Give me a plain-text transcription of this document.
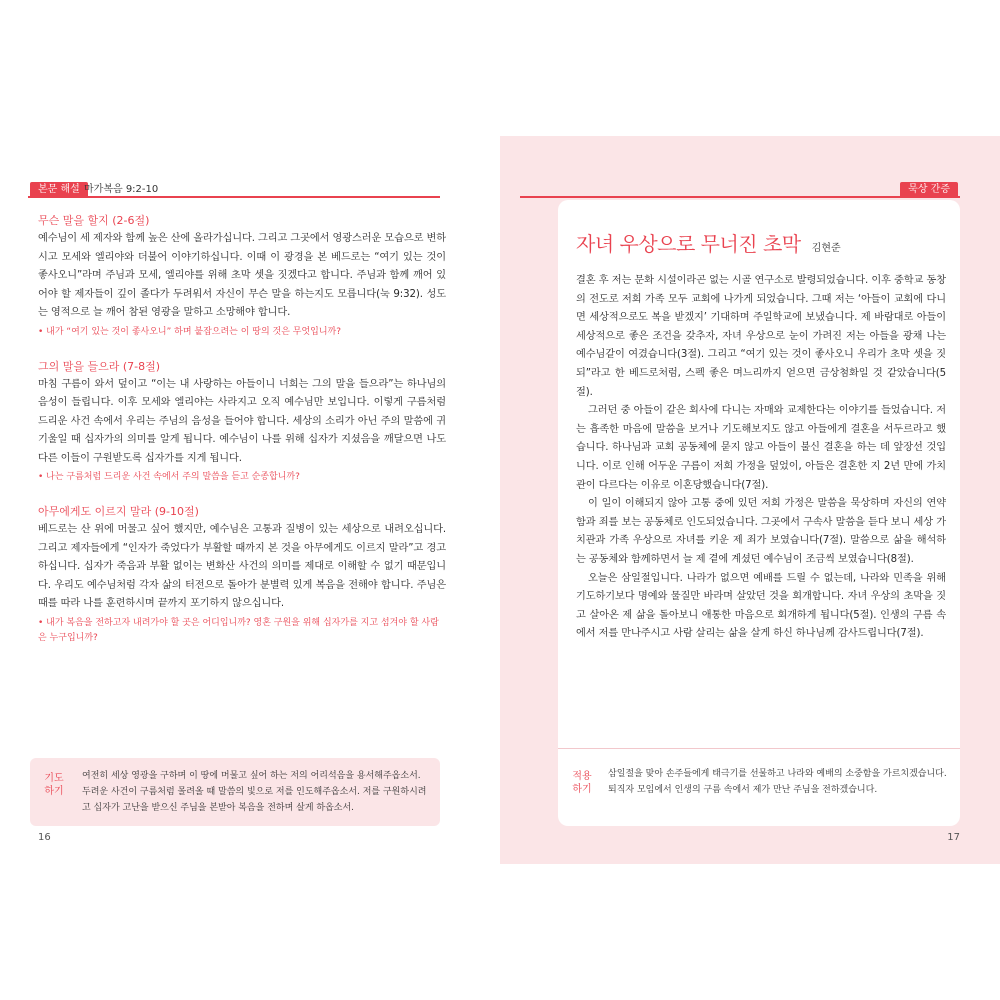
본문 해설 마가복음 9:2-10

무슨 말을 할지 (2-6절)

예수님이 세 제자와 함께 높은 산에 올라가십니다. 그리고 그곳에서 영광스러운 모습으로 변하시고 모세와 엘리야와 더불어 이야기하십니다. 이때 이 광경을 본 베드로는 “여기 있는 것이 좋사오니”라며 주님과 모세, 엘리야를 위해 초막 셋을 짓겠다고 합니다. 주님과 함께 깨어 있어야 할 제자들이 깊이 졸다가 두려워서 자신이 무슨 말을 하는지도 모릅니다(눅 9:32). 성도는 영적으로 늘 깨어 참된 영광을 말하고 소망해야 합니다.

• 내가 “여기 있는 것이 좋사오니” 하며 붙잡으려는 이 땅의 것은 무엇입니까?

그의 말을 들으라 (7-8절)

마침 구름이 와서 덮이고 “이는 내 사랑하는 아들이니 너희는 그의 말을 들으라”는 하나님의 음성이 들립니다. 이후 모세와 엘리야는 사라지고 오직 예수님만 보입니다. 이렇게 구름처럼 드리운 사건 속에서 우리는 주님의 음성을 들어야 합니다. 세상의 소리가 아닌 주의 말씀에 귀 기울일 때 십자가의 의미를 알게 됩니다. 예수님이 나를 위해 십자가 지셨음을 깨달으면 나도 다른 이들이 구원받도록 십자가를 지게 됩니다.

• 나는 구름처럼 드리운 사건 속에서 주의 말씀을 듣고 순종합니까?

아무에게도 이르지 말라 (9-10절)

베드로는 산 위에 머물고 싶어 했지만, 예수님은 고통과 질병이 있는 세상으로 내려오십니다. 그리고 제자들에게 “인자가 죽었다가 부활할 때까지 본 것을 아무에게도 이르지 말라”고 경고하십니다. 십자가 죽음과 부활 없이는 변화산 사건의 의미를 제대로 이해할 수 없기 때문입니다. 우리도 예수님처럼 각자 삶의 터전으로 돌아가 분별력 있게 복음을 전해야 합니다. 주님은 때를 따라 나를 훈련하시며 끝까지 포기하지 않으십니다.

• 내가 복음을 전하고자 내려가야 할 곳은 어디입니까? 영혼 구원을 위해 십자가를 지고 섬겨야 할 사람은 누구입니까?

기도
하기
여전히 세상 영광을 구하며 이 땅에 머물고 싶어 하는 저의 어리석음을 용서해주옵소서. 두려운 사건이 구름처럼 몰려올 때 말씀의 빛으로 저를 인도해주옵소서. 저를 구원하시려고 십자가 고난을 받으신 주님을 본받아 복음을 전하며 살게 하옵소서.
16
묵상 간증
자녀 우상으로 무너진 초막 김현준

결혼 후 저는 문화 시설이라곤 없는 시골 연구소로 발령되었습니다. 이후 중학교 동창의 전도로 저희 가족 모두 교회에 나가게 되었습니다. 그때 저는 ‘아들이 교회에 다니면 세상적으로도 복을 받겠지’ 기대하며 주일학교에 보냈습니다. 제 바람대로 아들이 세상적으로 좋은 조건을 갖추자, 자녀 우상으로 눈이 가려진 저는 아들을 광채 나는 예수님같이 여겼습니다(3절). 그리고 “여기 있는 것이 좋사오니 우리가 초막 셋을 짓되”라고 한 베드로처럼, 스펙 좋은 며느리까지 얻으면 금상첨화일 것 같았습니다(5절).

그러던 중 아들이 같은 회사에 다니는 자매와 교제한다는 이야기를 들었습니다. 저는 흡족한 마음에 말씀을 보거나 기도해보지도 않고 아들에게 결혼을 서두르라고 했습니다. 하나님과 교회 공동체에 묻지 않고 아들이 불신 결혼을 하는 데 앞장선 것입니다. 이로 인해 어두운 구름이 저희 가정을 덮었이, 아들은 결혼한 지 2년 만에 가치관이 다르다는 이유로 이혼당했습니다(7절).

이 일이 이해되지 않아 고통 중에 있던 저희 가정은 말씀을 묵상하며 자신의 연약함과 죄를 보는 공동체로 인도되었습니다. 그곳에서 구속사 말씀을 듣다 보니 세상 가치관과 가족 우상으로 자녀를 키운 제 죄가 보였습니다(7절). 말씀으로 삶을 해석하는 공동체와 함께하면서 늘 제 곁에 계셨던 예수님이 조금씩 보였습니다(8절).

오늘은 삼일절입니다. 나라가 없으면 예배를 드릴 수 없는데, 나라와 민족을 위해 기도하기보다 명예와 물질만 바라며 살았던 것을 회개합니다. 자녀 우상의 초막을 짓고 살아온 제 삶을 돌아보니 애통한 마음으로 회개하게 됩니다(5절). 인생의 구름 속에서 저를 만나주시고 사람 살리는 삶을 살게 하신 하나님께 감사드립니다(7절).

적용
하기
삼일절을 맞아 손주들에게 태극기를 선물하고 나라와 예배의 소중함을 가르치겠습니다. 퇴직자 모임에서 인생의 구름 속에서 제가 만난 주님을 전하겠습니다.
17
